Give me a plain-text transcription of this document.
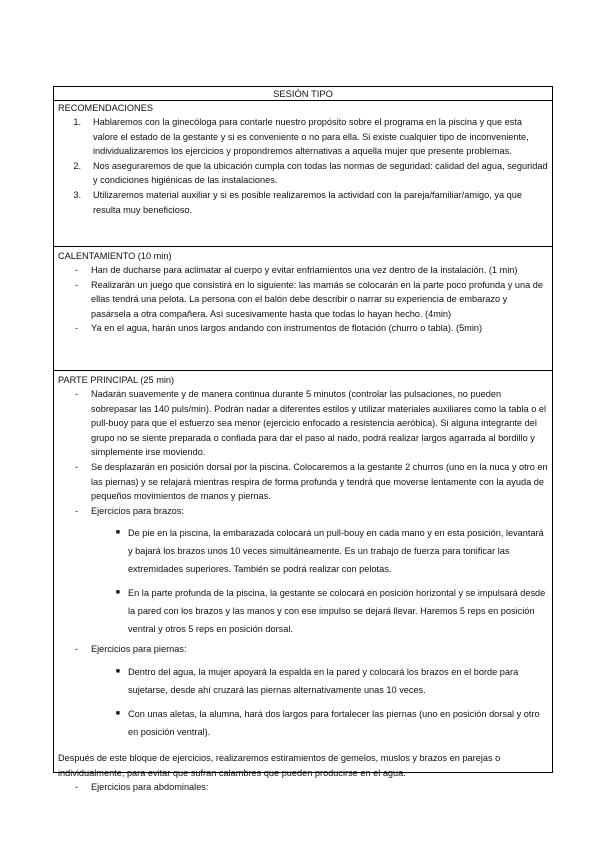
SESIÓN TIPO
RECOMENDACIONES
1.	Hablaremos con la ginecóloga para contarle nuestro propósito sobre el programa en la piscina y que esta valore el estado de la gestante y si es conveniente o no para ella. Si existe cualquier tipo de inconveniente, individualizaremos los ejercicios y propondremos alternativas a aquella mujer que presente problemas.
2.	Nos aseguraremos de que la ubicación cumpla con todas las normas de seguridad: calidad del agua, seguridad y condiciones higiénicas de las instalaciones.
3.	Utilizaremos material auxiliar y si es posible realizaremos la actividad con la pareja/familiar/amigo, ya que resulta muy beneficioso.
CALENTAMIENTO (10 min)
-	Han de ducharse para aclimatar al cuerpo y evitar enfriamientos una vez dentro de la instalación. (1 min)
-	Realizarán un juego que consistirá en lo siguiente: las mamás se colocarán en la parte poco profunda y una de ellas tendrá una pelota. La persona con el balón debe describir o narrar su experiencia de embarazo y pasársela a otra compañera. Así sucesivamente hasta que todas lo hayan hecho. (4min)
-	Ya en el agua, harán unos largos andando con instrumentos de flotación (churro o tabla). (5min)
PARTE PRINCIPAL (25 min)
-	Nadarán suavemente y de manera continua durante 5 minutos (controlar las pulsaciones, no pueden sobrepasar las 140 puls/min). Podrán nadar a diferentes estilos y utilizar materiales auxiliares como la tabla o el pull-buoy para que el esfuerzo sea menor (ejercicio enfocado a resistencia aeróbica). Si alguna integrante del grupo no se siente preparada o confiada para dar el paso al nado, podrá realizar largos agarrada al bordillo y simplemente irse moviendo.
-	Se desplazarán en posición dorsal por la piscina. Colocaremos a la gestante 2 churros (uno en la nuca y otro en las piernas) y se relajará mientras respira de forma profunda y tendrá que moverse lentamente con la ayuda de pequeños movimientos de manos y piernas.
-	Ejercicios para brazos:
■ De pie en la piscina, la embarazada colocará un pull-bouy en cada mano y en esta posición, levantará y bajará los brazos unos 10 veces simultáneamente. Es un trabajo de fuerza para tonificar las extremidades superiores. También se podrá realizar con pelotas.
■ En la parte profunda de la piscina, la gestante se colocará en posición horizontal y se impulsará desde la pared con los brazos y las manos y con ese impulso se dejará llevar. Haremos 5 reps en posición ventral y otros 5 reps en posición dorsal.
-	Ejercicios para piernas:
■ Dentro del agua, la mujer apoyará la espalda en la pared y colocará los brazos en el borde para sujetarse, desde ahí cruzará las piernas alternativamente unas 10 veces.
■ Con unas aletas, la alumna, hará dos largos para fortalecer las piernas (uno en posición dorsal y otro en posición ventral).
Después de este bloque de ejercicios, realizaremos estiramientos de gemelos, muslos y brazos en parejas o individualmente, para evitar que sufran calambres que pueden producirse en el agua.
-	Ejercicios para abdominales:
